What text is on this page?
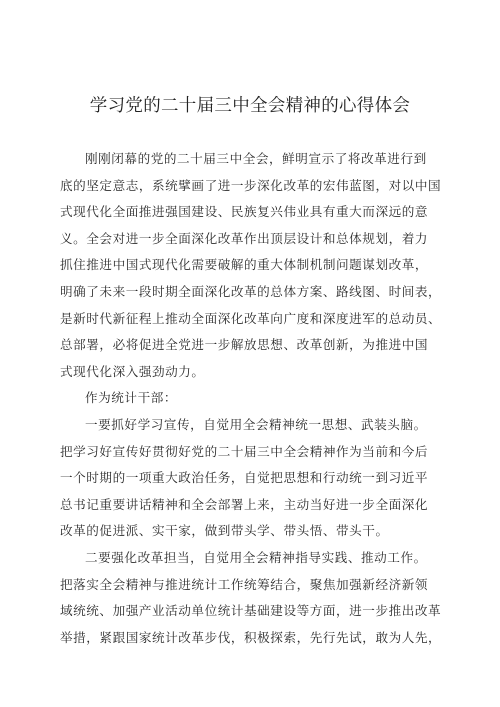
学习党的二十届三中全会精神的心得体会
刚刚闭幕的党的二十届三中全会，鲜明宣示了将改革进行到
底的坚定意志，系统擘画了进一步深化改革的宏伟蓝图，对以中国
式现代化全面推进强国建设、民族复兴伟业具有重大而深远的意
义。全会对进一步全面深化改革作出顶层设计和总体规划，着力
抓住推进中国式现代化需要破解的重大体制机制问题谋划改革，
明确了未来一段时期全面深化改革的总体方案、路线图、时间表，
是新时代新征程上推动全面深化改革向广度和深度进军的总动员、
总部署，必将促进全党进一步解放思想、改革创新，为推进中国
式现代化深入强劲动力。
作为统计干部：
一要抓好学习宣传，自觉用全会精神统一思想、武装头脑。
把学习好宣传好贯彻好党的二十届三中全会精神作为当前和今后
一个时期的一项重大政治任务，自觉把思想和行动统一到习近平
总书记重要讲话精神和全会部署上来，主动当好进一步全面深化
改革的促进派、实干家，做到带头学、带头悟、带头干。
二要强化改革担当，自觉用全会精神指导实践、推动工作。
把落实全会精神与推进统计工作统筹结合，聚焦加强新经济新领
域统统、加强产业活动单位统计基础建设等方面，进一步推出改革
举措，紧跟国家统计改革步伐，积极探索，先行先试，敢为人先，
